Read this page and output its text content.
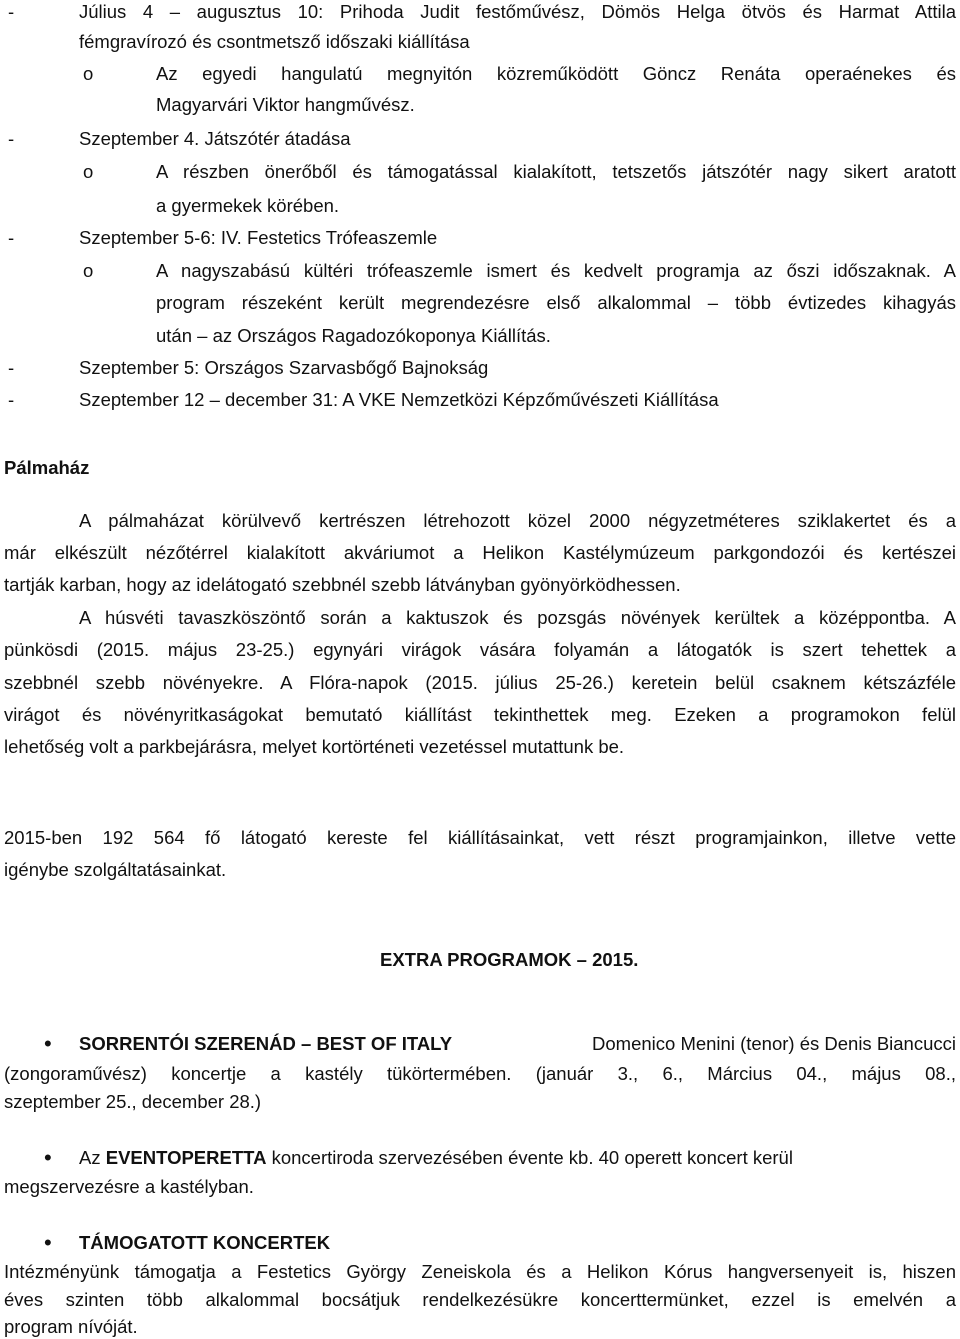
-	Július 4 – augusztus 10: Prihoda Judit festőművész, Dömös Helga ötvös és Harmat Attila
fémgravírozó és csontmetsző időszaki kiállítása
o	Az egyedi hangulatú megnyitón közreműködött Göncz Renáta operaénekes és
Magyarvári Viktor hangművész.
-	Szeptember 4. Játszótér átadása
o	A részben önerőből és támogatással kialakított, tetszetős játszótér nagy sikert aratott
a gyermekek körében.
-	Szeptember 5-6: IV. Festetics Trófeaszemle
o	A nagyszabású kültéri trófeaszemle ismert és kedvelt programja az őszi időszaknak. A
program részeként került megrendezésre első alkalommal – több évtizedes kihagyás
után – az Országos Ragadozókoponya Kiállítás.
-	Szeptember 5: Országos Szarvasbőgő Bajnokság
-	Szeptember 12 – december 31: A VKE Nemzetközi Képzőművészeti Kiállítása
Pálmaház
A pálmaházat körülvevő kertrészen létrehozott közel 2000 négyzetméteres sziklakertet és a
már elkészült nézőtérrel kialakított akváriumot a Helikon Kastélymúzeum parkgondozói és kertészei
tartják karban, hogy az idelátogató szebbnél szebb látványban gyönyörködhessen.
A húsvéti tavaszköszöntő során a kaktuszok és pozsgás növények kerültek a középpontba. A
pünkösdi (2015. május 23-25.) egynyári virágok vására folyamán a látogatók is szert tehettek a
szebbnél szebb növényekre. A Flóra-napok (2015. július 25-26.) keretein belül csaknem kétszázféle
virágot és növényritkaságokat bemutató kiállítást tekinthettek meg. Ezeken a programokon felül
lehetőség volt a parkbejárásra, melyet kortörténeti vezetéssel mutattunk be.
2015-ben 192 564 fő látogató kereste fel kiállításainkat, vett részt programjainkon, illetve vette
igénybe szolgáltatásainkat.
EXTRA PROGRAMOK – 2015.
• SORRENTÓI SZERENÁD – BEST OF ITALY	Domenico Menini (tenor) és Denis Biancucci
(zongoraművész) koncertje a kastély tükörtermében. (január 3., 6., Március 04., május 08.,
szeptember 25., december 28.)
• Az EVENTOPERETTA koncertiroda szervezésében évente kb. 40 operett koncert kerül
megszervezésre a kastélyban.
• TÁMOGATOTT KONCERTEK
Intézményünk támogatja a Festetics György Zeneiskola és a Helikon Kórus hangversenyeit is, hiszen
éves szinten több alkalommal bocsátjuk rendelkezésükre koncerttermünket, ezzel is emelvén a
program nívóját.
